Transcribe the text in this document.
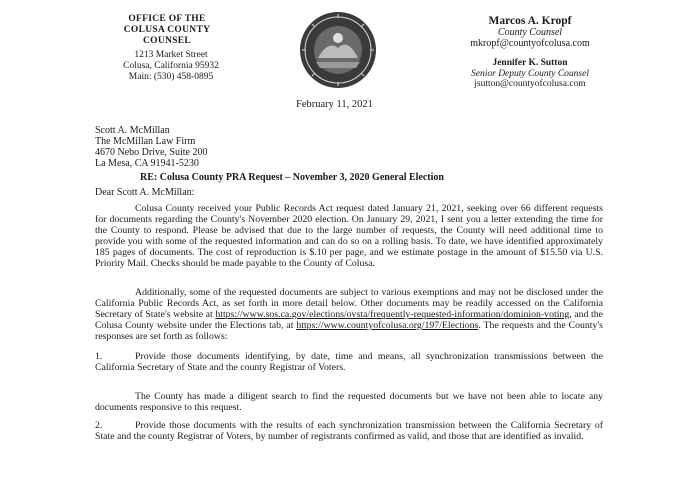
OFFICE OF THE
COLUSA COUNTY
COUNSEL
1213 Market Street
Colusa, California 95932
Main: (530) 458-0895
Marcos A. Kropf
County Counsel
mkropf@countyofcolusa.com
Jennifer K. Sutton
Senior Deputy County Counsel
jsutton@countyofcolusa.com
February 11, 2021
Scott A. McMillan
The McMillan Law Firm
4670 Nebo Drive, Suite 200
La Mesa, CA 91941-5230
RE: Colusa County PRA Request – November 3, 2020 General Election
Dear Scott A. McMillan:

Colusa County received your Public Records Act request dated January 21, 2021, seeking over 66 different requests for documents regarding the County's November 2020 election. On January 29, 2021, I sent you a letter extending the time for the County to respond. Please be advised that due to the large number of requests, the County will need additional time to provide you with some of the requested information and can do so on a rolling basis. To date, we have identified approximately 185 pages of documents. The cost of reproduction is $.10 per page, and we estimate postage in the amount of $15.50 via U.S. Priority Mail. Checks should be made payable to the County of Colusa.

Additionally, some of the requested documents are subject to various exemptions and may not be disclosed under the California Public Records Act, as set forth in more detail below. Other documents may be readily accessed on the California Secretary of State's website at https://www.sos.ca.gov/elections/ovsta/frequently-requested-information/dominion-voting, and the Colusa County website under the Elections tab, at https://www.countyofcolusa.org/197/Elections. The requests and the County's responses are set forth as follows:

1.	Provide those documents identifying, by date, time and means, all synchronization transmissions between the California Secretary of State and the county Registrar of Voters.

The County has made a diligent search to find the requested documents but we have not been able to locate any documents responsive to this request.

2.	Provide those documents with the results of each synchronization transmission between the California Secretary of State and the county Registrar of Voters, by number of registrants confirmed as valid, and those that are identified as invalid.
